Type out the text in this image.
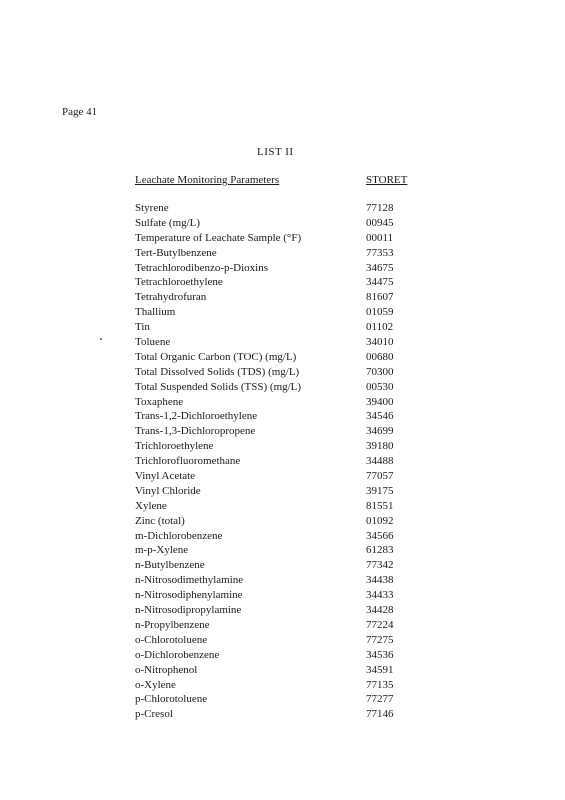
Page 41
LIST II
Leachate Monitoring Parameters	STORET
Styrene	77128
Sulfate (mg/L)	00945
Temperature of Leachate Sample (°F)	00011
Tert-Butylbenzene	77353
Tetrachlorodibenzo-p-Dioxins	34675
Tetrachloroethylene	34475
Tetrahydrofuran	81607
Thallium	01059
Tin	01102
Toluene	34010
Total Organic Carbon (TOC) (mg/L)	00680
Total Dissolved Solids (TDS) (mg/L)	70300
Total Suspended Solids (TSS) (mg/L)	00530
Toxaphene	39400
Trans-1,2-Dichloroethylene	34546
Trans-1,3-Dichloropropene	34699
Trichloroethylene	39180
Trichlorofluoromethane	34488
Vinyl Acetate	77057
Vinyl Chloride	39175
Xylene	81551
Zinc (total)	01092
m-Dichlorobenzene	34566
m-p-Xylene	61283
n-Butylbenzene	77342
n-Nitrosodimethylamine	34438
n-Nitrosodiphenylamine	34433
n-Nitrosodipropylamine	34428
n-Propylbenzene	77224
o-Chlorotoluene	77275
o-Dichlorobenzene	34536
o-Nitrophenol	34591
o-Xylene	77135
p-Chlorotoluene	77277
p-Cresol	77146
